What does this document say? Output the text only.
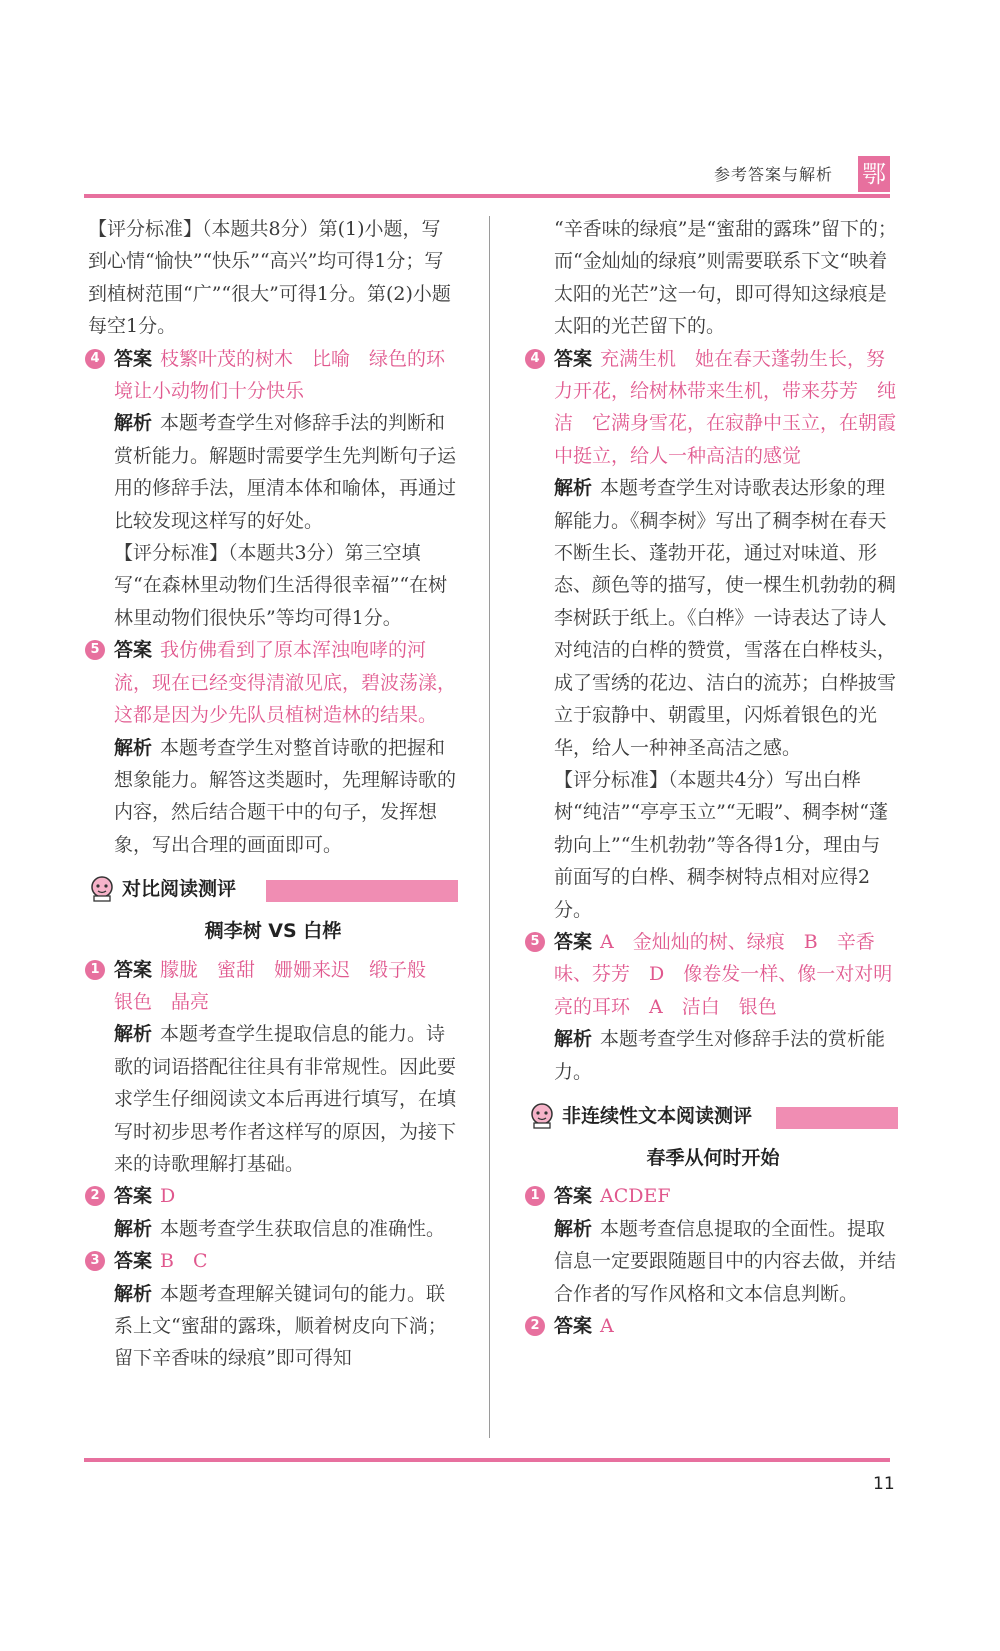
参考答案与解析 鄂
11
【评分标准】（本题共8分）第(1)小题，写到心情“愉快”“快乐”“高兴”均可得1分；写到植树范围“广”“很大”可得1分。第(2)小题每空1分。
4 答案 枝繁叶茂的树木　比喻　绿色的环境让小动物们十分快乐
解析 本题考查学生对修辞手法的判断和赏析能力。解题时需要学生先判断句子运用的修辞手法，厘清本体和喻体，再通过比较发现这样写的好处。
【评分标准】（本题共3分）第三空填写“在森林里动物们生活得很幸福”“在树林里动物们很快乐”等均可得1分。
5 答案 我仿佛看到了原本浑浊咆哮的河流，现在已经变得清澈见底，碧波荡漾，这都是因为少先队员植树造林的结果。
解析 本题考查学生对整首诗歌的把握和想象能力。解答这类题时，先理解诗歌的内容，然后结合题干中的句子，发挥想象，写出合理的画面即可。
对比阅读测评
稠李树 VS 白桦
1 答案 朦胧　蜜甜　姗姗来迟　缎子般　银色　晶亮
解析 本题考查学生提取信息的能力。诗歌的词语搭配往往具有非常规性。因此要求学生仔细阅读文本后再进行填写，在填写时初步思考作者这样写的原因，为接下来的诗歌理解打基础。
2 答案 D
解析 本题考查学生获取信息的准确性。
3 答案 B　C
解析 本题考查理解关键词句的能力。联系上文“蜜甜的露珠，顺着树皮向下淌；留下辛香味的绿痕”即可得知
“辛香味的绿痕”是“蜜甜的露珠”留下的；而“金灿灿的绿痕”则需要联系下文“映着太阳的光芒”这一句，即可得知这绿痕是太阳的光芒留下的。
4 答案 充满生机　她在春天蓬勃生长，努力开花，给树林带来生机，带来芬芳　纯洁　它满身雪花，在寂静中玉立，在朝霞中挺立，给人一种高洁的感觉
解析 本题考查学生对诗歌表达形象的理解能力。《稠李树》写出了稠李树在春天不断生长、蓬勃开花，通过对味道、形态、颜色等的描写，使一棵生机勃勃的稠李树跃于纸上。《白桦》一诗表达了诗人对纯洁的白桦的赞赏，雪落在白桦枝头，成了雪绣的花边、洁白的流苏；白桦披雪立于寂静中、朝霞里，闪烁着银色的光华，给人一种神圣高洁之感。
【评分标准】（本题共4分）写出白桦树“纯洁”“亭亭玉立”“无暇”、稠李树“蓬勃向上”“生机勃勃”等各得1分，理由与前面写的白桦、稠李树特点相对应得2分。
5 答案 A　金灿灿的树、绿痕　B　辛香味、芬芳　D　像卷发一样、像一对对明亮的耳环　A　洁白　银色
解析 本题考查学生对修辞手法的赏析能力。
非连续性文本阅读测评
春季从何时开始
1 答案 ACDEF
解析 本题考查信息提取的全面性。提取信息一定要跟随题目中的内容去做，并结合作者的写作风格和文本信息判断。
2 答案 A
